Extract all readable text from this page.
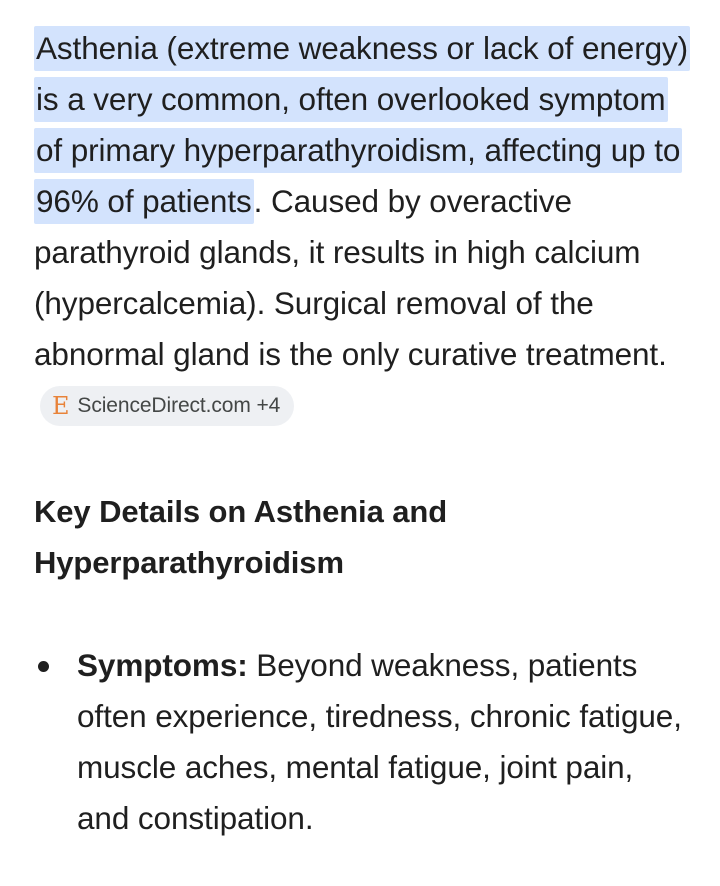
Asthenia (extreme weakness or lack of energy) is a very common, often overlooked symptom of primary hyperparathyroidism, affecting up to 96% of patients. Caused by overactive parathyroid glands, it results in high calcium (hypercalcemia). Surgical removal of the abnormal gland is the only curative treatment.
E ScienceDirect.com +4

Key Details on Asthenia and Hyperparathyroidism
Symptoms: Beyond weakness, patients often experience, tiredness, chronic fatigue, muscle aches, mental fatigue, joint pain, and constipation.
